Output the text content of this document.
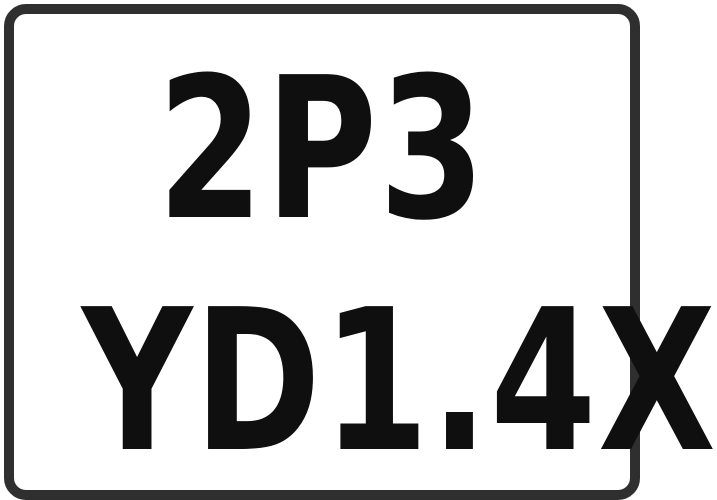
2P3
YD1.4X
